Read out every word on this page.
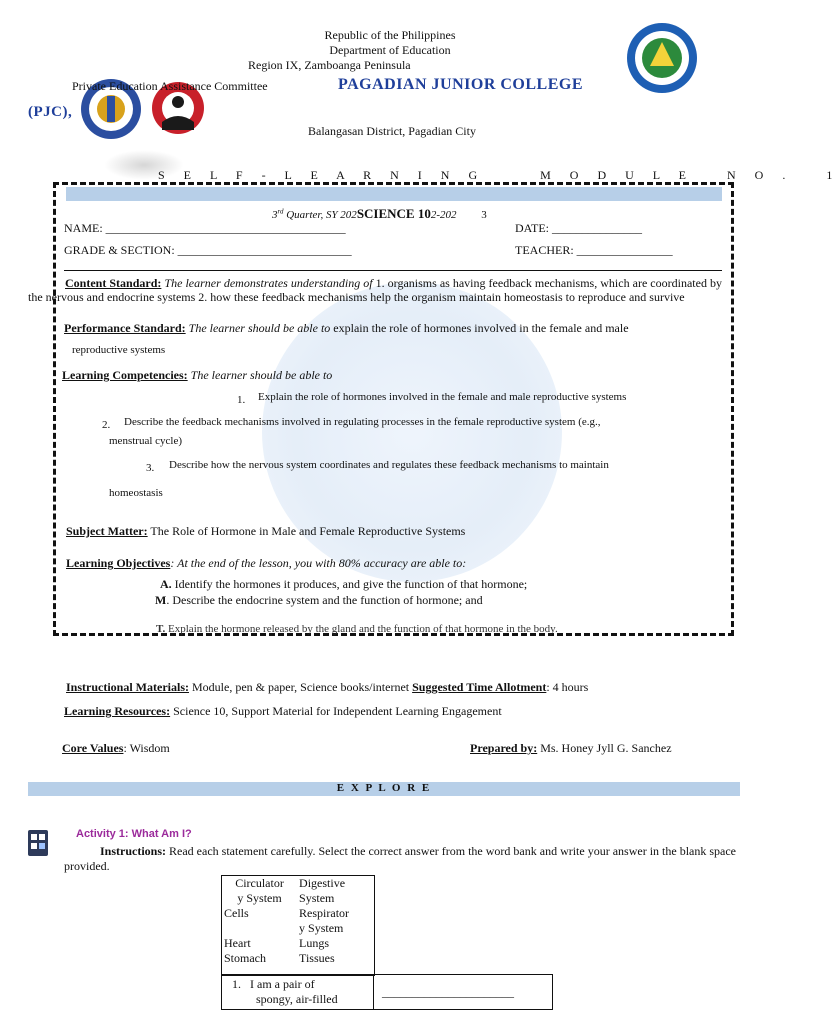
Republic of the Philippines
Department of Education
Region IX, Zamboanga Peninsula
Private Education Assistance Committee	PAGADIAN JUNIOR COLLEGE
(PJC),
Balangasan District, Pagadian City
S E L F - L E A R N I N G     M O D U L E   N O .   1
3rd Quarter, SY 202SCIENCE 102-202 3
NAME: ________________________________________	DATE: _______________
GRADE & SECTION: _____________________________	TEACHER: ________________
Content Standard: The learner demonstrates understanding of 1. organisms as having feedback mechanisms, which are coordinated by the nervous and endocrine systems 2. how these feedback mechanisms help the organism maintain homeostasis to reproduce and survive
Performance Standard: The learner should be able to explain the role of hormones involved in the female and male
reproductive systems
Learning Competencies: The learner should be able to
1. Explain the role of hormones involved in the female and male reproductive systems
2. Describe the feedback mechanisms involved in regulating processes in the female reproductive system (e.g.,
menstrual cycle)
3. Describe how the nervous system coordinates and regulates these feedback mechanisms to maintain
homeostasis
Subject Matter: The Role of Hormone in Male and Female Reproductive Systems
Learning Objectives: At the end of the lesson, you with 80% accuracy are able to:
A. Identify the hormones it produces, and give the function of that hormone;
M. Describe the endocrine system and the function of hormone; and
T. Explain the hormone released by the gland and the function of that hormone in the body.
Instructional Materials: Module, pen & paper, Science books/internet Suggested Time Allotment: 4 hours
Learning Resources: Science 10, Support Material for Independent Learning Engagement
Core Values: Wisdom	Prepared by: Ms. Honey Jyll G. Sanchez
E X P L O R E
Activity 1: What Am I?
Instructions: Read each statement carefully. Select the correct answer from the word bank and write your answer in the blank space provided.
Circulator	Digestive
y System	System
Cells	Respirator
	y System
Heart	Lungs
Stomach	Tissues
1. I am a pair of
spongy, air-filled	______________________
